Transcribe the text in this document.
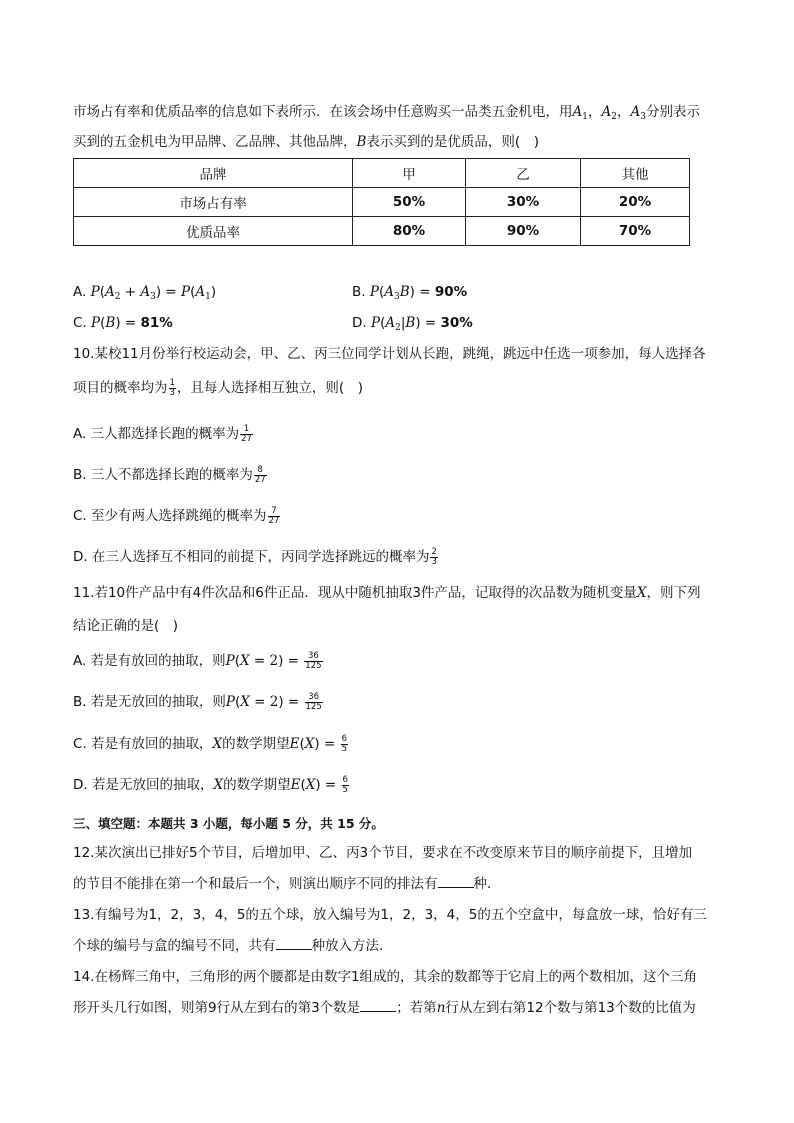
市场占有率和优质品率的信息如下表所示．在该会场中任意购买一品类五金机电，用$A_1$，$A_2$，$A_3$分别表示
买到的五金机电为甲品牌、乙品牌、其他品牌，B表示买到的是优质品，则(　)
品牌	甲	乙	其他
市场占有率	50%	30%	20%
优质品率	80%	90%	70%
A. $P(A_2 + A_3) = P(A_1)$	B. $P(A_3B) = 90\%$
C. P(B) = 81%	D. $P(A_2|B) = 30\%$
10.某校11月份举行校运动会，甲、乙、丙三位同学计划从长跑，跳绳，跳远中任选一项参加，每人选择各
项目的概率均为 $\frac{1}{3}$ ，且每人选择相互独立，则(　)
A. 三人都选择长跑的概率为 $\frac{1}{27}$
B. 三人不都选择长跑的概率为 $\frac{8}{27}$
C. 至少有两人选择跳绳的概率为 $\frac{7}{27}$
D. 在三人选择互不相同的前提下，丙同学选择跳远的概率为 $\frac{2}{3}$
11.若10件产品中有4件次品和6件正品．现从中随机抽取3件产品，记取得的次品数为随机变量X，则下列
结论正确的是(　)
A. 若是有放回的抽取，则$P(X = 2) = \frac{36}{125}$
B. 若是无放回的抽取，则$P(X = 2) = \frac{36}{125}$
C. 若是有放回的抽取，X的数学期望$E(X) = \frac{6}{5}$
D. 若是无放回的抽取，X的数学期望$E(X) = \frac{6}{5}$
三、填空题：本题共 3 小题，每小题 5 分，共 15 分。
12.某次演出已排好5个节目，后增加甲、乙、丙3个节目，要求在不改变原来节目的顺序前提下，且增加
的节目不能排在第一个和最后一个，则演出顺序不同的排法有	种．
13.有编号为1，2，3，4，5的五个球，放入编号为1，2，3，4，5的五个空盒中，每盒放一球，恰好有三
个球的编号与盒的编号不同，共有	种放入方法．
14.在杨辉三角中，三角形的两个腰都是由数字1组成的，其余的数都等于它肩上的两个数相加，这个三角
形开头几行如图，则第9行从左到右的第3个数是	；若第n行从左到右第12个数与第13个数的比值为
